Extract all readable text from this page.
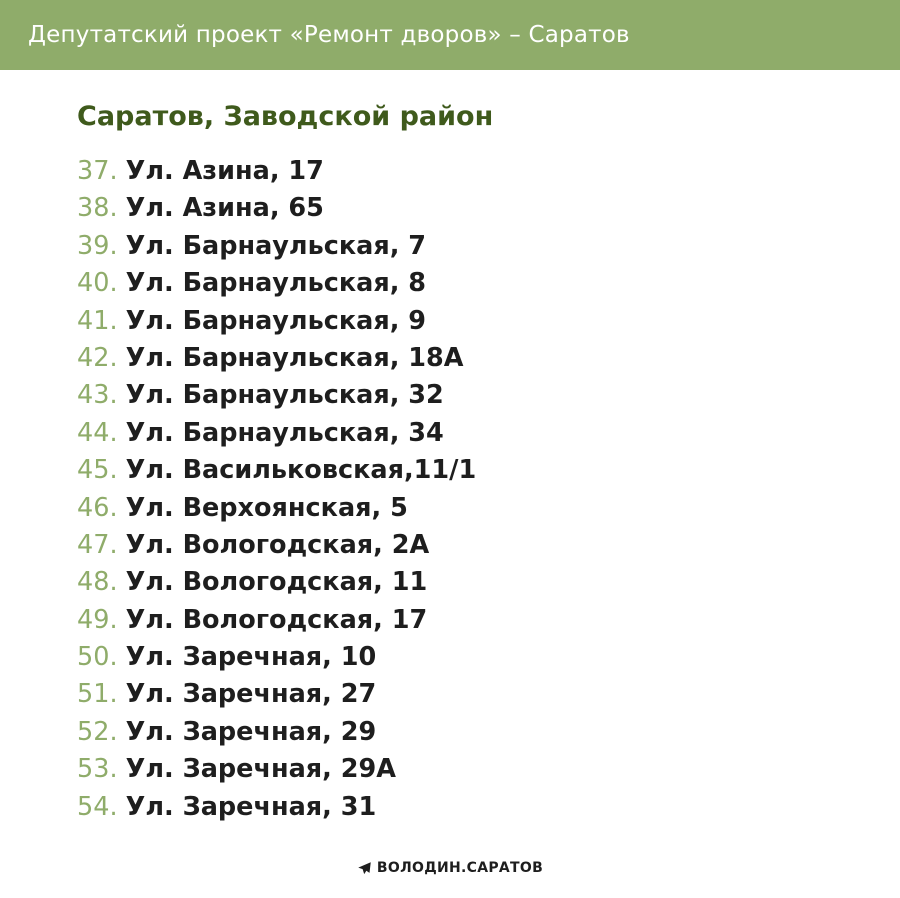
Депутатский проект «Ремонт дворов» – Саратов
Саратов, Заводской район
37. Ул. Азина, 17
38. Ул. Азина, 65
39. Ул. Барнаульская, 7
40. Ул. Барнаульская, 8
41. Ул. Барнаульская, 9
42. Ул. Барнаульская, 18А
43. Ул. Барнаульская, 32
44. Ул. Барнаульская, 34
45. Ул. Васильковская,11/1
46. Ул. Верхоянская, 5
47. Ул. Вологодская, 2А
48. Ул. Вологодская, 11
49. Ул. Вологодская, 17
50. Ул. Заречная, 10
51. Ул. Заречная, 27
52. Ул. Заречная, 29
53. Ул. Заречная, 29А
54. Ул. Заречная, 31
ВОЛОДИН.САРАТОВ
